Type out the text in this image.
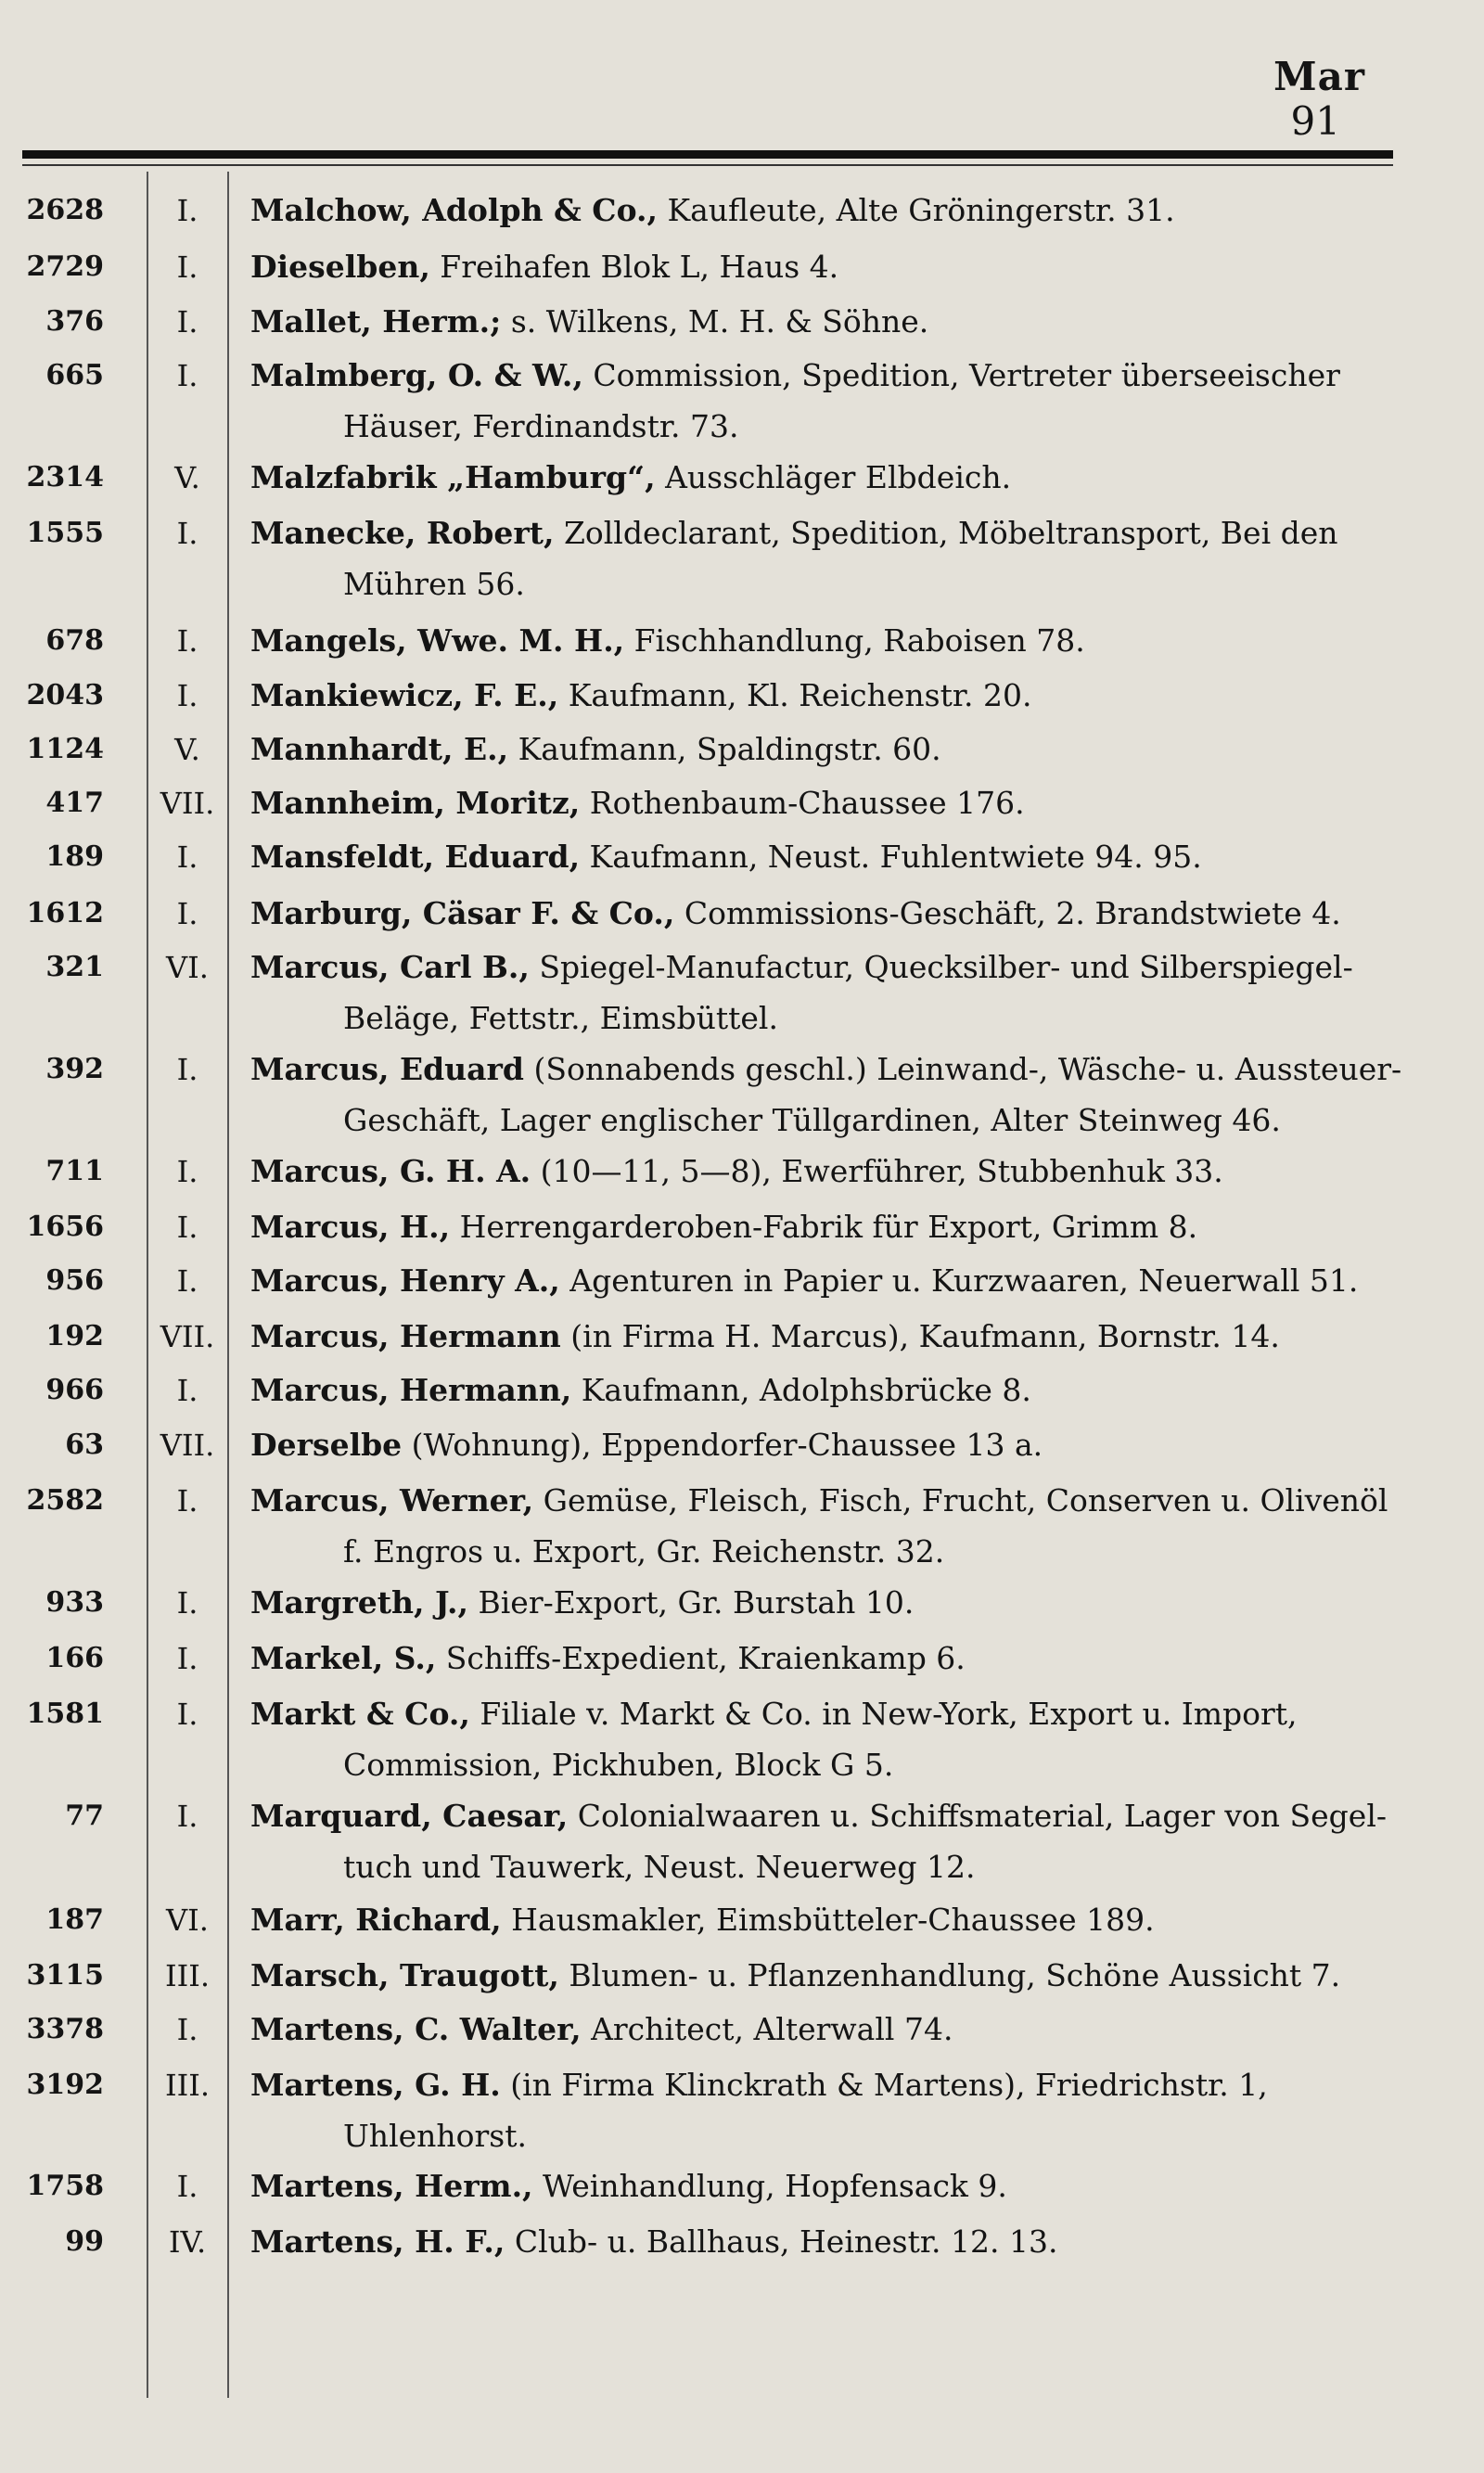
Mar
91
2628	I.	Malchow, Adolph & Co., Kaufleute, Alte Gröningerstr. 31.
2729	I.	Dieselben, Freihafen Blok L, Haus 4.
376	I.	Mallet, Herm.; s. Wilkens, M. H. & Söhne.
665	I.	Malmberg, O. & W., Commission, Spedition, Vertreter überseeischer
Häuser, Ferdinandstr. 73.
2314	V.	Malzfabrik „Hamburg“, Ausschläger Elbdeich.
1555	I.	Manecke, Robert, Zolldeclarant, Spedition, Möbeltransport, Bei den
Mühren 56.
678	I.	Mangels, Wwe. M. H., Fischhandlung, Raboisen 78.
2043	I.	Mankiewicz, F. E., Kaufmann, Kl. Reichenstr. 20.
1124	V.	Mannhardt, E., Kaufmann, Spaldingstr. 60.
417	VII.	Mannheim, Moritz, Rothenbaum-Chaussee 176.
189	I.	Mansfeldt, Eduard, Kaufmann, Neust. Fuhlentwiete 94. 95.
1612	I.	Marburg, Cäsar F. & Co., Commissions-Geschäft, 2. Brandstwiete 4.
321	VI.	Marcus, Carl B., Spiegel-Manufactur, Quecksilber- und Silberspiegel-
Beläge, Fettstr., Eimsbüttel.
392	I.	Marcus, Eduard (Sonnabends geschl.) Leinwand-, Wäsche- u. Aussteuer-
Geschäft, Lager englischer Tüllgardinen, Alter Steinweg 46.
711	I.	Marcus, G. H. A. (10—11, 5—8), Ewerführer, Stubbenhuk 33.
1656	I.	Marcus, H., Herrengarderoben-Fabrik für Export, Grimm 8.
956	I.	Marcus, Henry A., Agenturen in Papier u. Kurzwaaren, Neuerwall 51.
192	VII.	Marcus, Hermann (in Firma H. Marcus), Kaufmann, Bornstr. 14.
966	I.	Marcus, Hermann, Kaufmann, Adolphsbrücke 8.
63	VII.	Derselbe (Wohnung), Eppendorfer-Chaussee 13 a.
2582	I.	Marcus, Werner, Gemüse, Fleisch, Fisch, Frucht, Conserven u. Olivenöl
f. Engros u. Export, Gr. Reichenstr. 32.
933	I.	Margreth, J., Bier-Export, Gr. Burstah 10.
166	I.	Markel, S., Schiffs-Expedient, Kraienkamp 6.
1581	I.	Markt & Co., Filiale v. Markt & Co. in New-York, Export u. Import,
Commission, Pickhuben, Block G 5.
77	I.	Marquard, Caesar, Colonialwaaren u. Schiffsmaterial, Lager von Segel-
tuch und Tauwerk, Neust. Neuerweg 12.
187	VI.	Marr, Richard, Hausmakler, Eimsbütteler-Chaussee 189.
3115	III.	Marsch, Traugott, Blumen- u. Pflanzenhandlung, Schöne Aussicht 7.
3378	I.	Martens, C. Walter, Architect, Alterwall 74.
3192	III.	Martens, G. H. (in Firma Klinckrath & Martens), Friedrichstr. 1,
Uhlenhorst.
1758	I.	Martens, Herm., Weinhandlung, Hopfensack 9.
99	IV.	Martens, H. F., Club- u. Ballhaus, Heinestr. 12. 13.
